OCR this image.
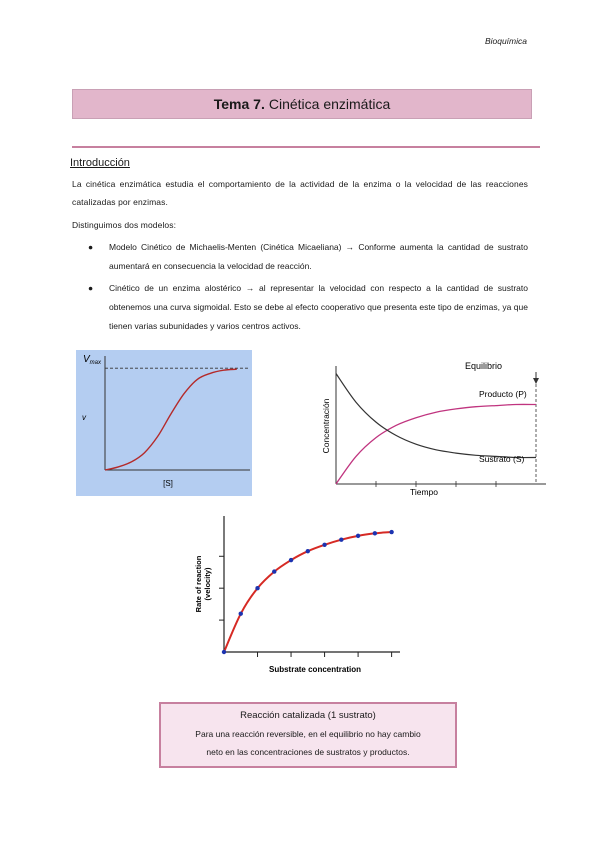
Bioquímica
Tema 7. Cinética enzimática
Introducción
La cinética enzimática estudia el comportamiento de la actividad de la enzima o la velocidad de las reacciones catalizadas por enzimas.
Distinguimos dos modelos:
● Modelo Cinético de Michaelis-Menten (Cinética Micaeliana) → Conforme aumenta la cantidad de sustrato aumentará en consecuencia la velocidad de reacción.
● Cinético de un enzima alostérico → al representar la velocidad con respecto a la cantidad de sustrato obtenemos una curva sigmoidal. Esto se debe al efecto cooperativo que presenta este tipo de enzimas, ya que tienen varias subunidades y varios centros activos.
$V_{max}$
v
[S]
Concentración
Tiempo
Equilibrio
Producto (P)
Sustrato (S)
Rate of reaction (velocity)
Substrate concentration
Reacción catalizada (1 sustrato)
Para una reacción reversible, en el equilibrio no hay cambio
neto en las concentraciones de sustratos y productos.
